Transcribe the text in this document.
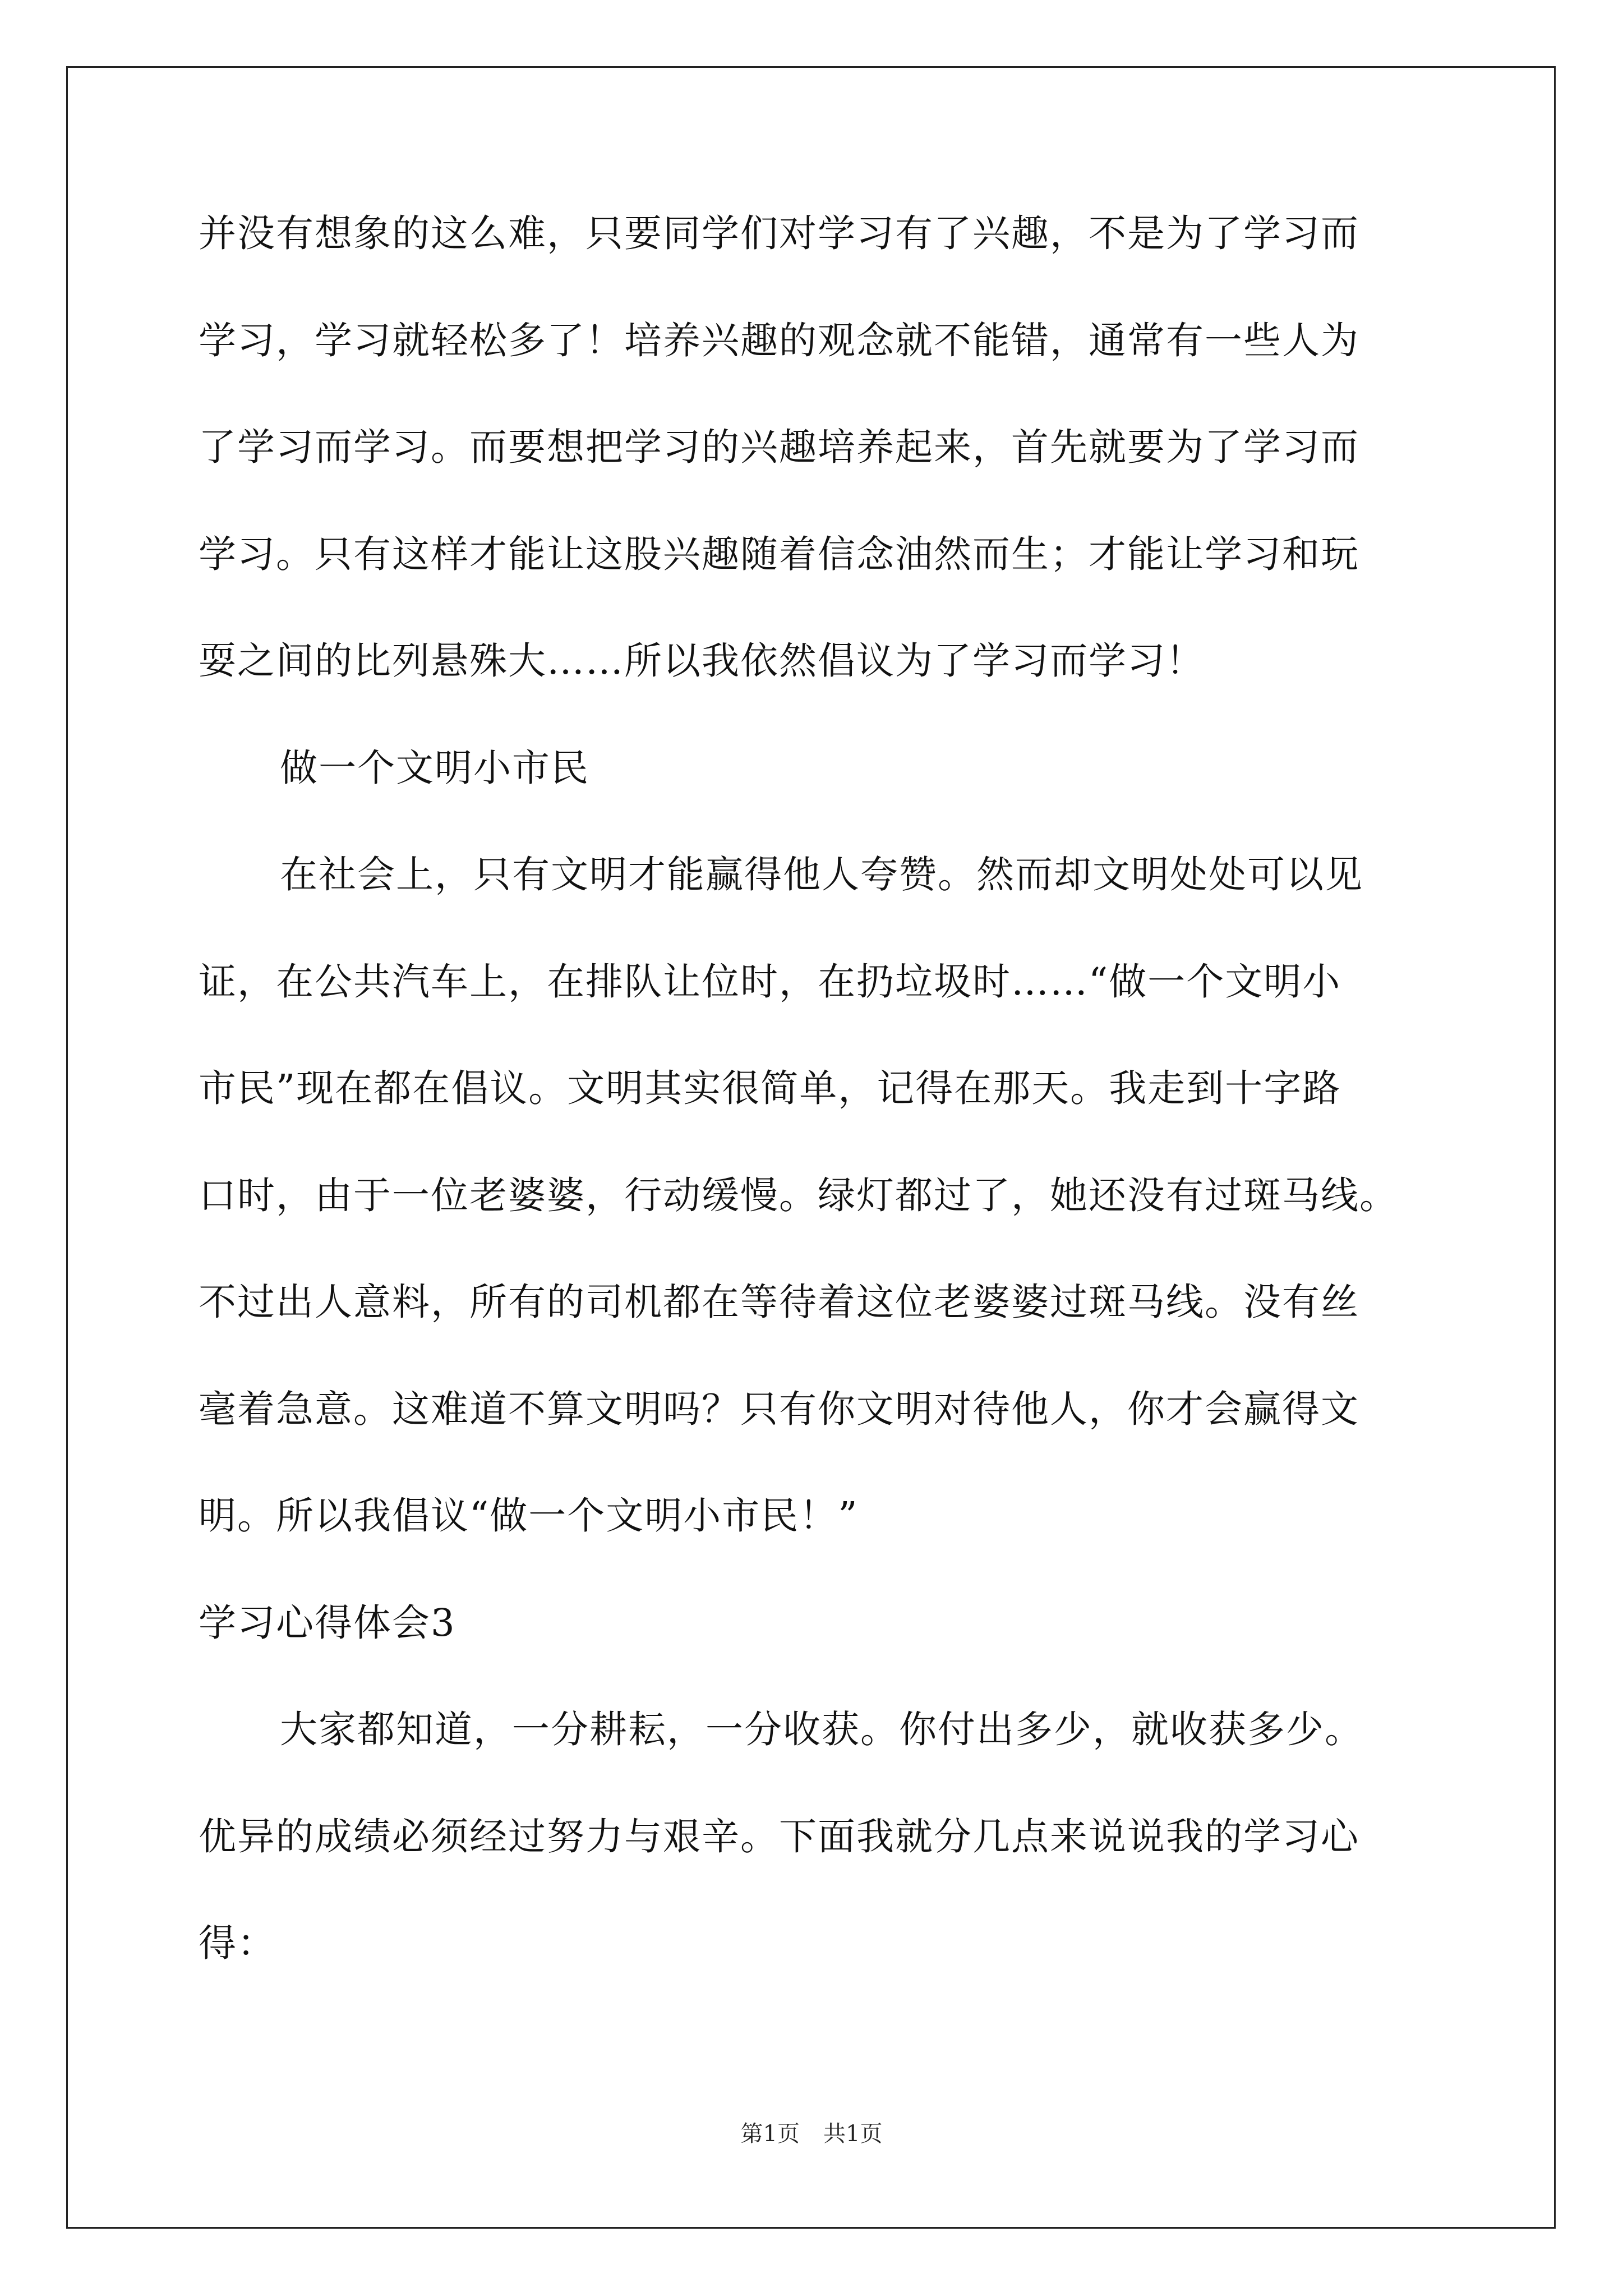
并没有想象的这么难，只要同学们对学习有了兴趣，不是为了学习而
学习，学习就轻松多了！培养兴趣的观念就不能错，通常有一些人为
了学习而学习。而要想把学习的兴趣培养起来，首先就要为了学习而
学习。只有这样才能让这股兴趣随着信念油然而生；才能让学习和玩
耍之间的比列悬殊大……所以我依然倡议为了学习而学习！
做一个文明小市民
在社会上，只有文明才能赢得他人夸赞。然而却文明处处可以见
证，在公共汽车上，在排队让位时，在扔垃圾时……“做一个文明小
市民”现在都在倡议。文明其实很简单，记得在那天。我走到十字路
口时，由于一位老婆婆，行动缓慢。绿灯都过了，她还没有过斑马线。
不过出人意料，所有的司机都在等待着这位老婆婆过斑马线。没有丝
毫着急意。这难道不算文明吗？只有你文明对待他人，你才会赢得文
明。所以我倡议“做一个文明小市民！”
学习心得体会3
大家都知道，一分耕耘，一分收获。你付出多少，就收获多少。
优异的成绩必须经过努力与艰辛。下面我就分几点来说说我的学习心
得：
第1页 共1页
